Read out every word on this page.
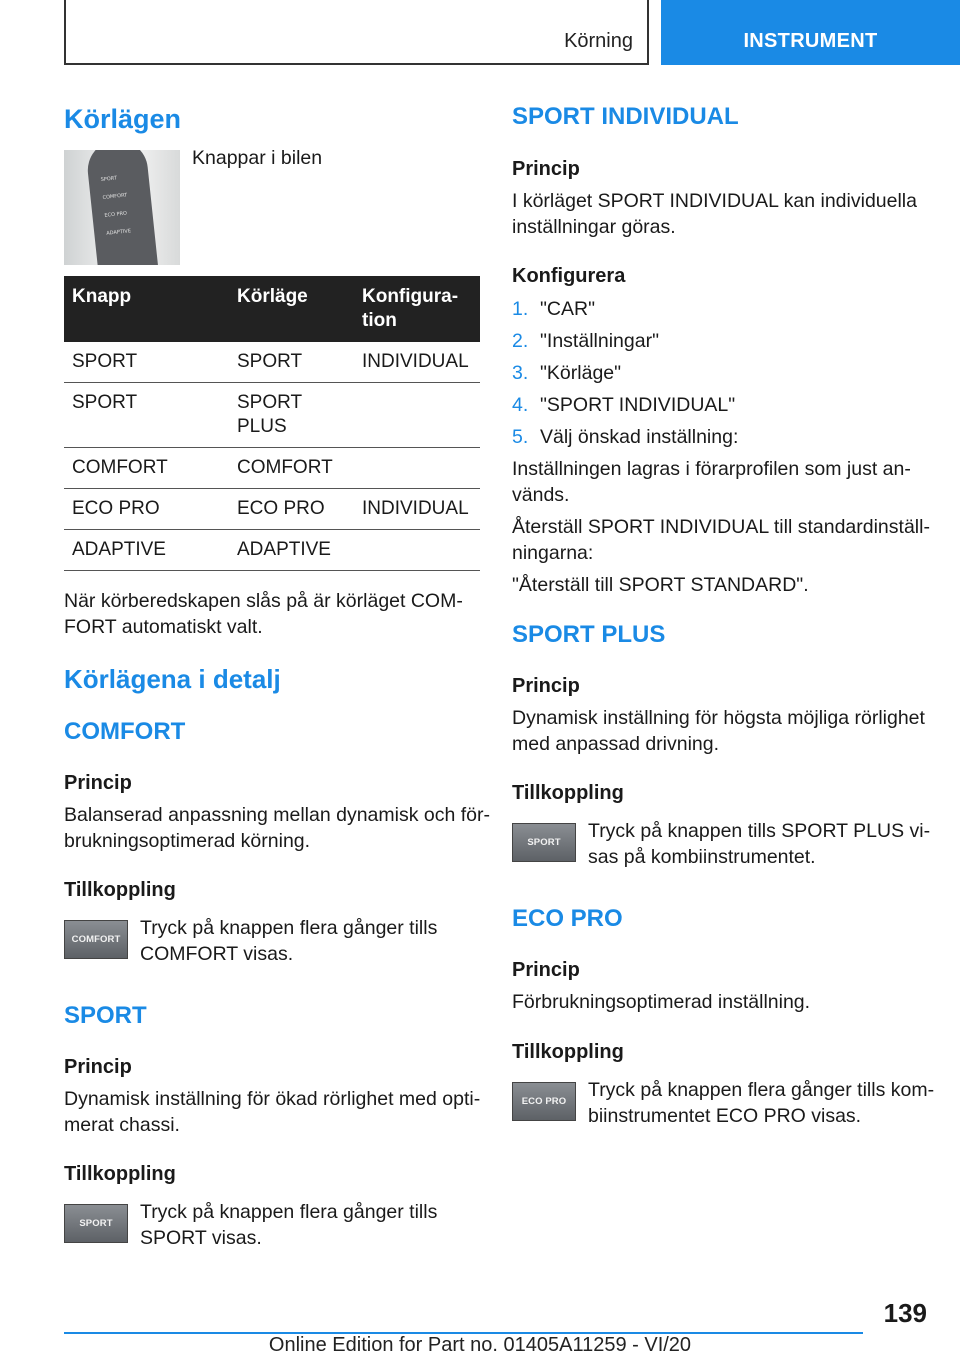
Körning	INSTRUMENT
Körlägen
SPORT
COMFORT
ECO PRO
ADAPTIVE
Knappar i bilen
Knapp	Körläge	Konfigura-
tion
SPORT	SPORT	INDIVIDUAL
SPORT	SPORT
PLUS	
COMFORT	COMFORT	
ECO PRO	ECO PRO	INDIVIDUAL
ADAPTIVE	ADAPTIVE	
När körberedskapen slås på är körläget COM-
FORT automatiskt valt.
Körlägena i detalj
COMFORT
Princip
Balanserad anpassning mellan dynamisk och för-
brukningsoptimerad körning.
Tillkoppling
COMFORT
Tryck på knappen flera gånger tills
COMFORT visas.
SPORT
Princip
Dynamisk inställning för ökad rörlighet med opti-
merat chassi.
Tillkoppling
SPORT
Tryck på knappen flera gånger tills
SPORT visas.
SPORT INDIVIDUAL
Princip
I körläget SPORT INDIVIDUAL kan individuella
inställningar göras.
Konfigurera
1. "CAR"
2. "Inställningar"
3. "Körläge"
4. "SPORT INDIVIDUAL"
5. Välj önskad inställning:
Inställningen lagras i förarprofilen som just an-
vänds.
Återställ SPORT INDIVIDUAL till standardinställ-
ningarna:
"Återställ till SPORT STANDARD".
SPORT PLUS
Princip
Dynamisk inställning för högsta möjliga rörlighet
med anpassad drivning.
Tillkoppling
SPORT
Tryck på knappen tills SPORT PLUS vi-
sas på kombiinstrumentet.
ECO PRO
Princip
Förbrukningsoptimerad inställning.
Tillkoppling
ECO PRO
Tryck på knappen flera gånger tills kom-
biinstrumentet ECO PRO visas.
139
Online Edition for Part no. 01405A11259 - VI/20
